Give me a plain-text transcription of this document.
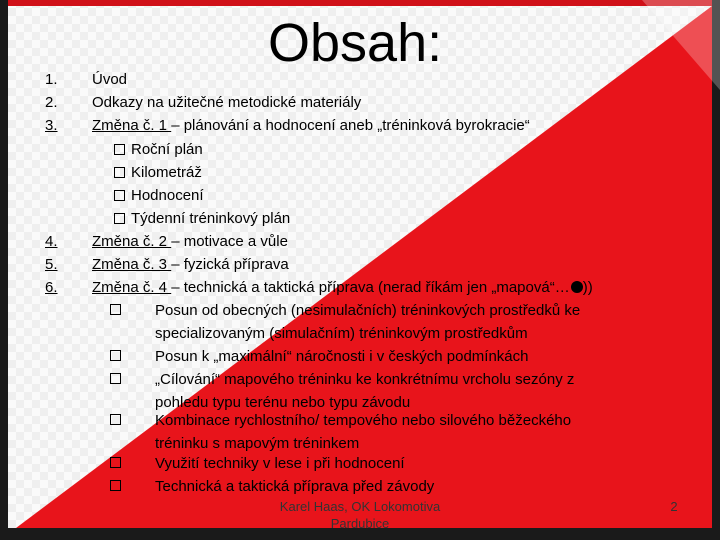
Obsah:
1.
2.
3.
4.
5.
6.
Úvod
Odkazy na užitečné metodické materiály
Změna č. 1 – plánování a hodnocení aneb „tréninková byrokracie“
Roční plán
Kilometráž
Hodnocení
Týdenní tréninkový plán
Změna č. 2 – motivace a vůle
Změna č. 3 – fyzická příprava
Změna č. 4 – technická a taktická příprava (nerad říkám jen „mapová“… ))
Posun od obecných (nesimulačních) tréninkových prostředků ke
specializovaným (simulačním) tréninkovým prostředkům
Posun k „maximální“ náročnosti i v českých podmínkách
„Cílování“ mapového tréninku ke konkrétnímu vrcholu sezóny z
pohledu typu terénu nebo typu závodu
Kombinace rychlostního/ tempového nebo silového běžeckého
tréninku s mapovým tréninkem
Využití techniky v lese i při hodnocení
Technická a taktická příprava před závody
Karel Haas, OK Lokomotiva
Pardubice
2
